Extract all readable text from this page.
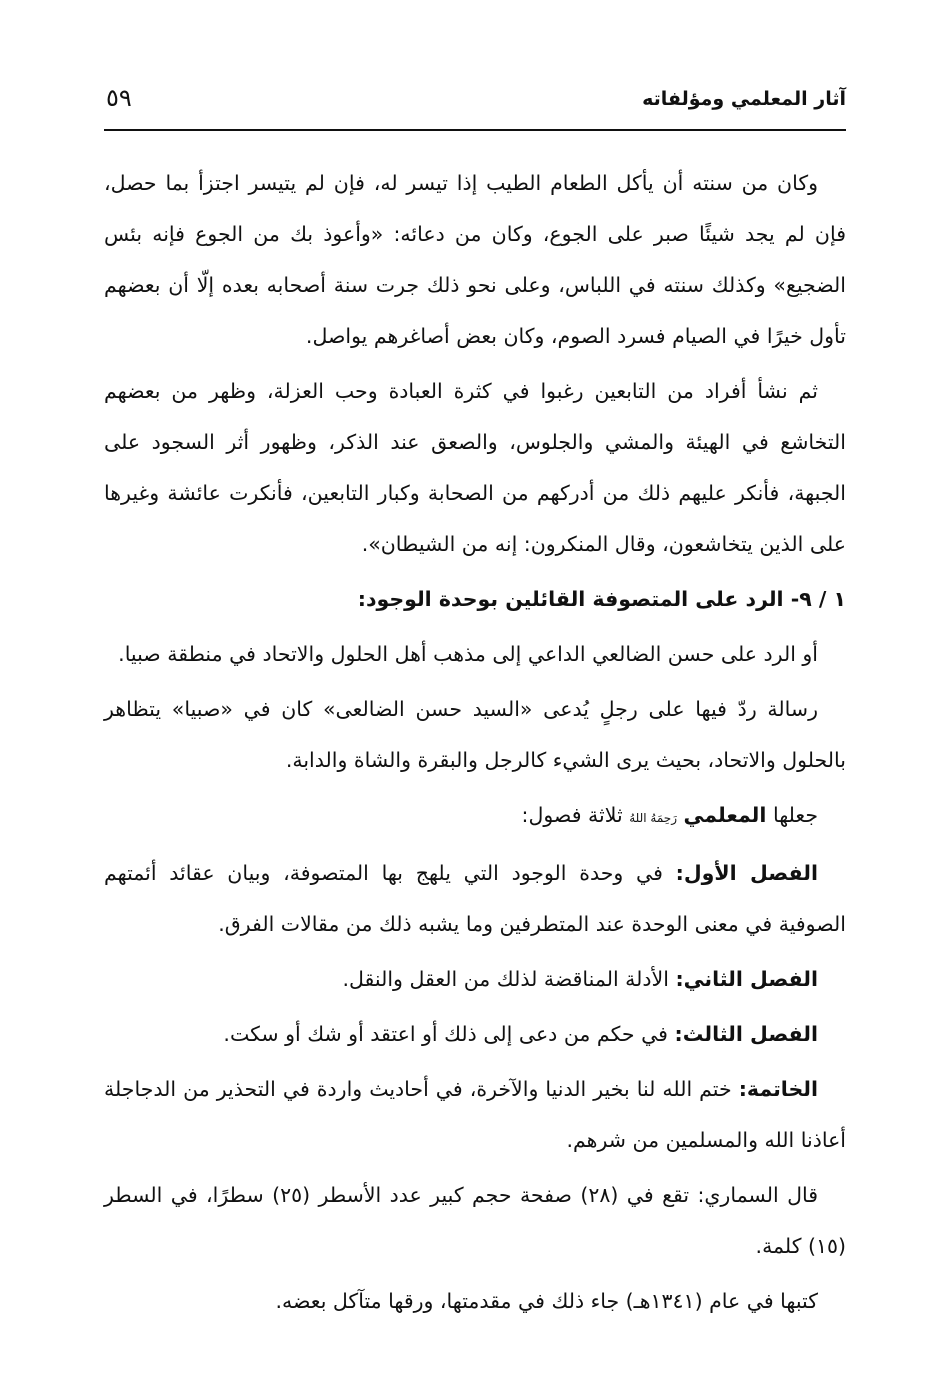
آثار المعلمي ومؤلفاته
٥٩

وكان من سنته أن يأكل الطعام الطيب إذا تيسر له، فإن لم يتيسر اجتزأ بما حصل، فإن لم يجد شيئًا صبر على الجوع، وكان من دعائه: «وأعوذ بك من الجوع فإنه بئس الضجيع» وكذلك سنته في اللباس، وعلى نحو ذلك جرت سنة أصحابه بعده إلّا أن بعضهم تأول خيرًا في الصيام فسرد الصوم، وكان بعض أصاغرهم يواصل.

ثم نشأ أفراد من التابعين رغبوا في كثرة العبادة وحب العزلة، وظهر من بعضهم التخاشع في الهيئة والمشي والجلوس، والصعق عند الذكر، وظهور أثر السجود على الجبهة، فأنكر عليهم ذلك من أدركهم من الصحابة وكبار التابعين، فأنكرت عائشة وغيرها على الذين يتخاشعون، وقال المنكرون: إنه من الشيطان».

١ / ٩- الرد على المتصوفة القائلين بوحدة الوجود:

أو الرد على حسن الضالعي الداعي إلى مذهب أهل الحلول والاتحاد في منطقة صبيا.

رسالة ردّ فيها على رجلٍ يُدعى «السيد حسن الضالعى» كان في «صبيا» يتظاهر بالحلول والاتحاد، بحيث يرى الشيء كالرجل والبقرة والشاة والدابة.

جعلها المعلمي رَحِمَهُ اللهُ ثلاثة فصول:

الفصل الأول: في وحدة الوجود التي يلهج بها المتصوفة، وبيان عقائد أئمتهم الصوفية في معنى الوحدة عند المتطرفين وما يشبه ذلك من مقالات الفرق.

الفصل الثاني: الأدلة المناقضة لذلك من العقل والنقل.

الفصل الثالث: في حكم من دعى إلى ذلك أو اعتقد أو شك أو سكت.

الخاتمة: ختم الله لنا بخير الدنيا والآخرة، في أحاديث واردة في التحذير من الدجاجلة أعاذنا الله والمسلمين من شرهم.

قال السماري: تقع في (٢٨) صفحة حجم كبير عدد الأسطر (٢٥) سطرًا، في السطر (١٥) كلمة.

كتبها في عام (١٣٤١هـ) جاء ذلك في مقدمتها، ورقها متآكل بعضه.
